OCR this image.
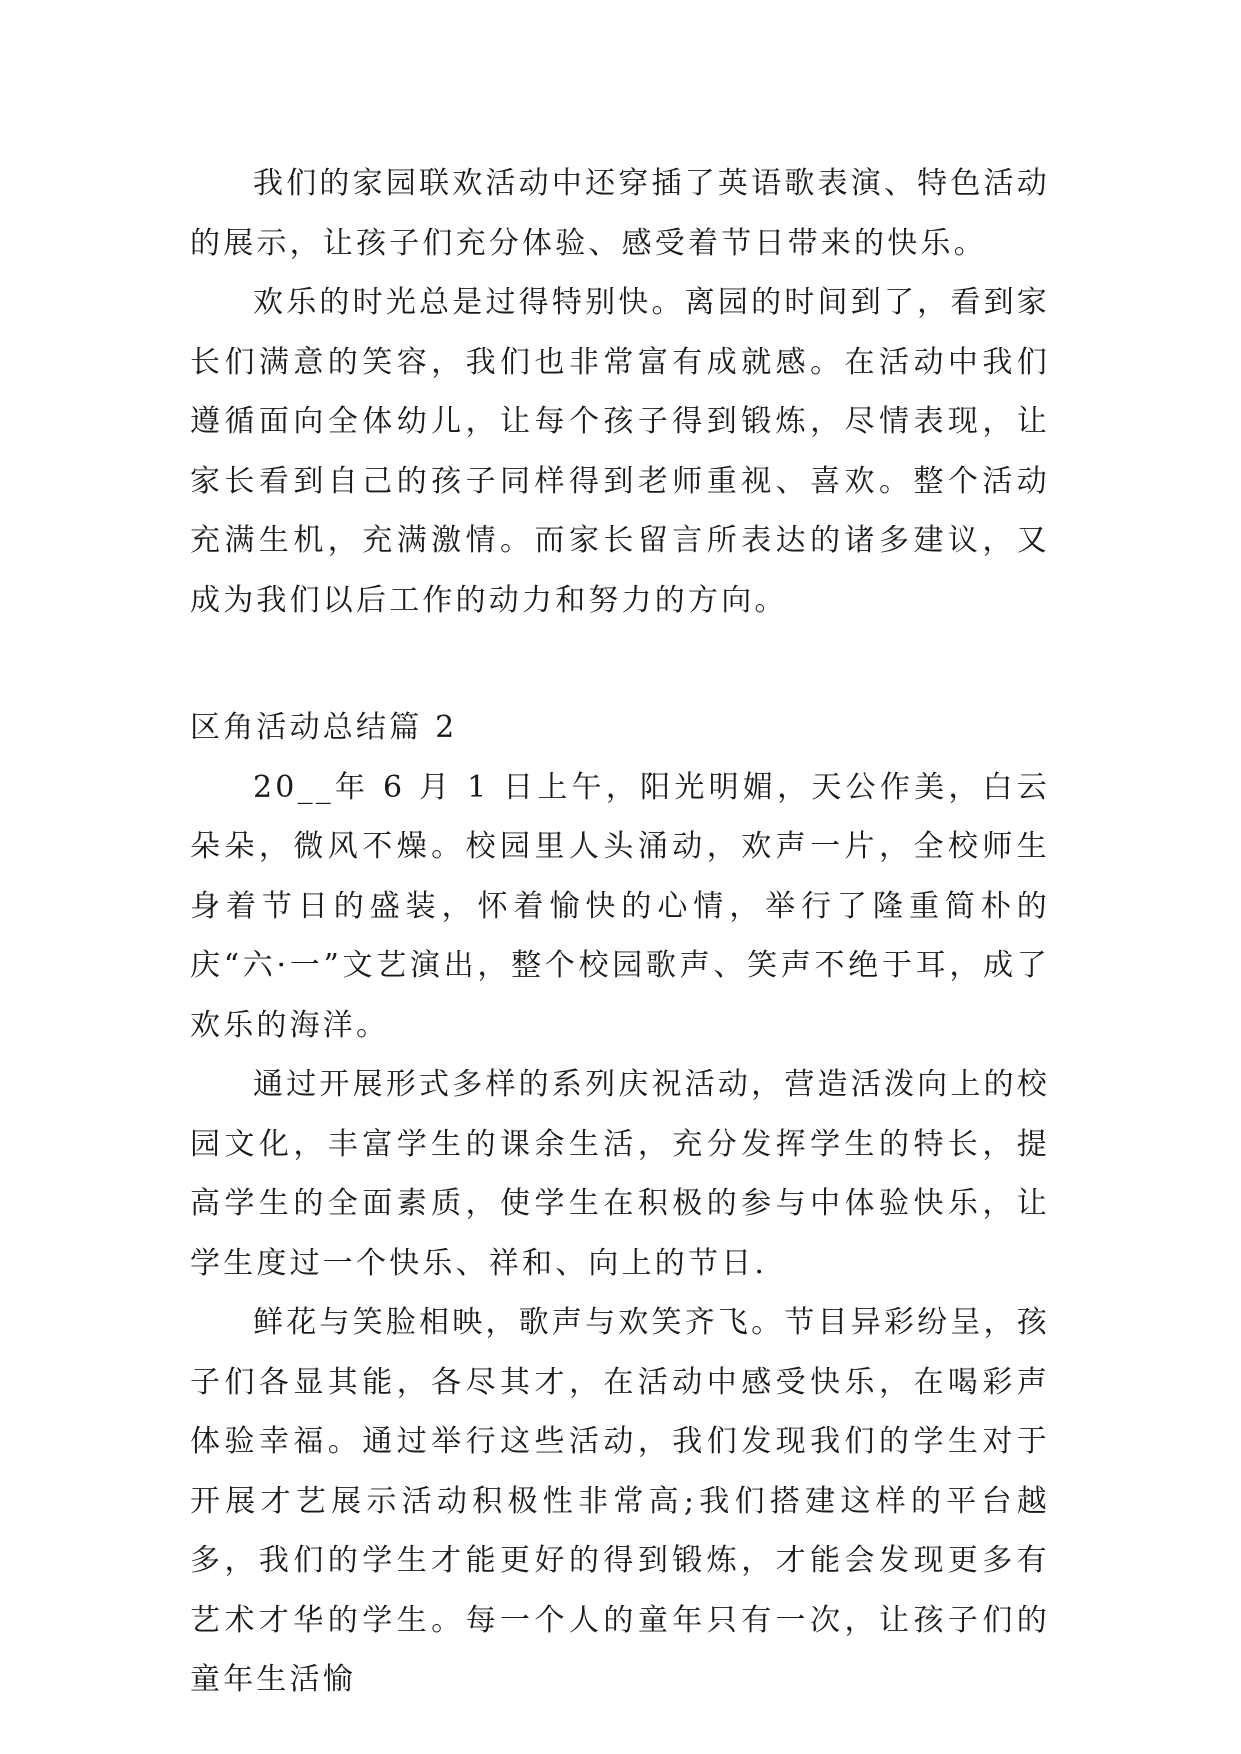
我们的家园联欢活动中还穿插了英语歌表演、特色活动的展示，让孩子们充分体验、感受着节日带来的快乐。

欢乐的时光总是过得特别快。离园的时间到了，看到家长们满意的笑容，我们也非常富有成就感。在活动中我们遵循面向全体幼儿，让每个孩子得到锻炼，尽情表现，让家长看到自己的孩子同样得到老师重视、喜欢。整个活动充满生机，充满激情。而家长留言所表达的诸多建议，又成为我们以后工作的动力和努力的方向。

区角活动总结篇 2

20__年 6 月 1 日上午，阳光明媚，天公作美，白云朵朵，微风不燥。校园里人头涌动，欢声一片，全校师生身着节日的盛装，怀着愉快的心情，举行了隆重简朴的庆“六·一”文艺演出，整个校园歌声、笑声不绝于耳，成了欢乐的海洋。

通过开展形式多样的系列庆祝活动，营造活泼向上的校园文化，丰富学生的课余生活，充分发挥学生的特长，提高学生的全面素质，使学生在积极的参与中体验快乐，让学生度过一个快乐、祥和、向上的节日.

鲜花与笑脸相映，歌声与欢笑齐飞。节目异彩纷呈，孩子们各显其能，各尽其才，在活动中感受快乐，在喝彩声体验幸福。通过举行这些活动，我们发现我们的学生对于开展才艺展示活动积极性非常高;我们搭建这样的平台越多，我们的学生才能更好的得到锻炼，才能会发现更多有艺术才华的学生。每一个人的童年只有一次，让孩子们的童年生活愉
